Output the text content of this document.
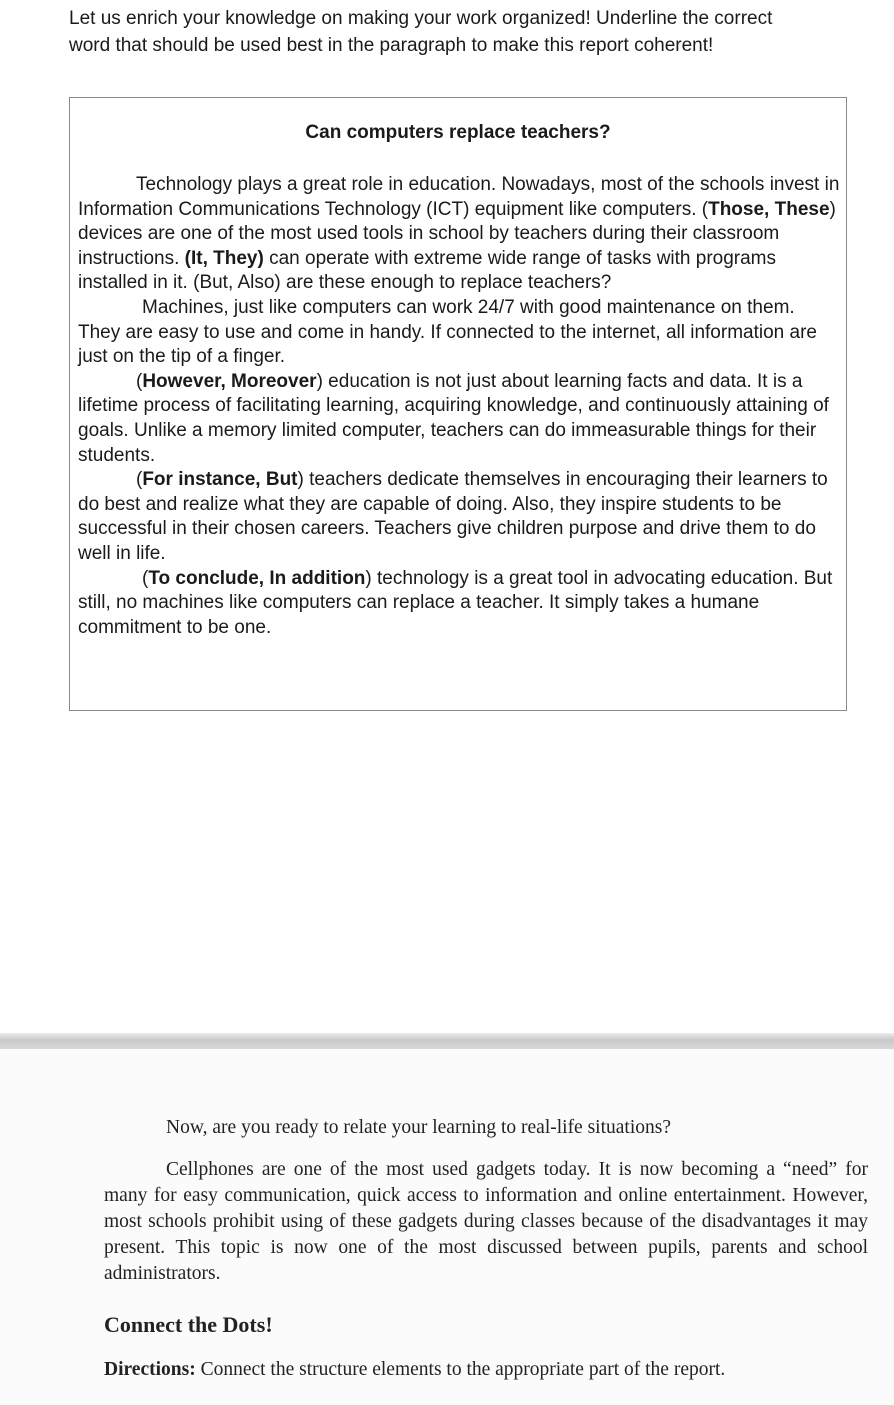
Let us enrich your knowledge on making your work organized! Underline the correct word that should be used best in the paragraph to make this report coherent!
Can computers replace teachers?

Technology plays a great role in education. Nowadays, most of the schools invest in Information Communications Technology (ICT) equipment like computers. (Those, These) devices are one of the most used tools in school by teachers during their classroom instructions. (It, They) can operate with extreme wide range of tasks with programs installed in it. (But, Also) are these enough to replace teachers?

Machines, just like computers can work 24/7 with good maintenance on them. They are easy to use and come in handy. If connected to the internet, all information are just on the tip of a finger.

(However, Moreover) education is not just about learning facts and data. It is a lifetime process of facilitating learning, acquiring knowledge, and continuously attaining of goals. Unlike a memory limited computer, teachers can do immeasurable things for their students.

(For instance, But) teachers dedicate themselves in encouraging their learners to do best and realize what they are capable of doing. Also, they inspire students to be successful in their chosen careers. Teachers give children purpose and drive them to do well in life.

(To conclude, In addition) technology is a great tool in advocating education. But still, no machines like computers can replace a teacher. It simply takes a humane commitment to be one.

Now, are you ready to relate your learning to real-life situations?
Cellphones are one of the most used gadgets today. It is now becoming a “need” for many for easy communication, quick access to information and online entertainment. However, most schools prohibit using of these gadgets during classes because of the disadvantages it may present. This topic is now one of the most discussed between pupils, parents and school administrators.
Connect the Dots!
Directions: Connect the structure elements to the appropriate part of the report.
